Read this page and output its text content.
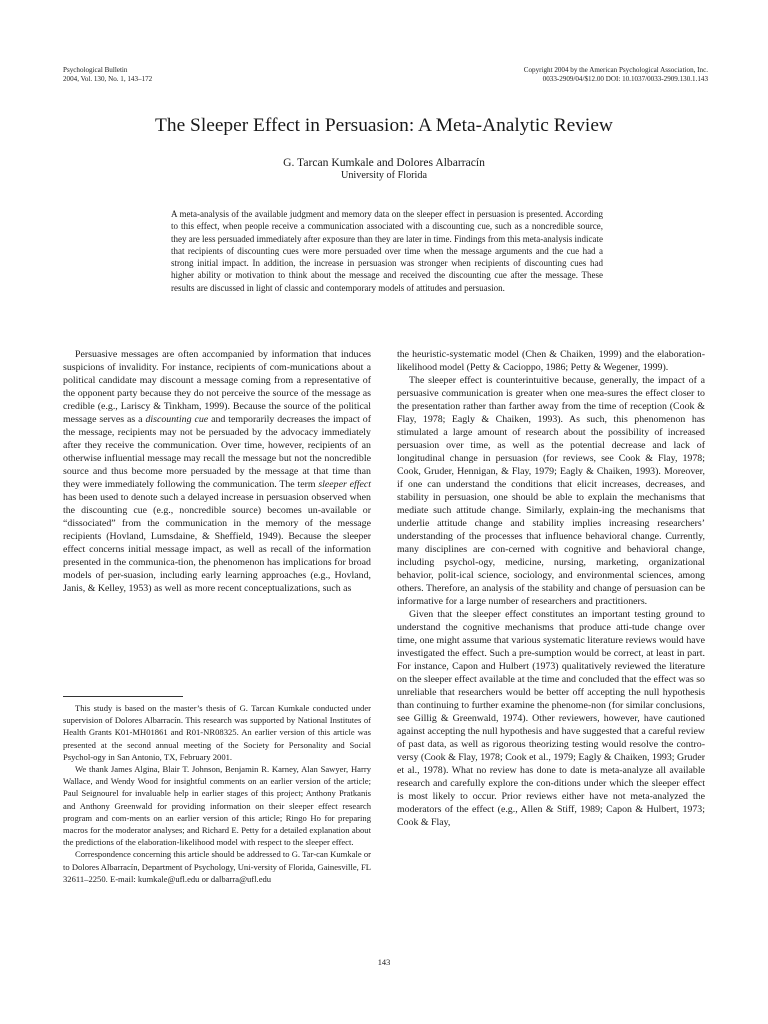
Psychological Bulletin
2004, Vol. 130, No. 1, 143–172
Copyright 2004 by the American Psychological Association, Inc.
0033-2909/04/$12.00 DOI: 10.1037/0033-2909.130.1.143
The Sleeper Effect in Persuasion: A Meta-Analytic Review
G. Tarcan Kumkale and Dolores Albarracín
University of Florida
A meta-analysis of the available judgment and memory data on the sleeper effect in persuasion is presented. According to this effect, when people receive a communication associated with a discounting cue, such as a noncredible source, they are less persuaded immediately after exposure than they are later in time. Findings from this meta-analysis indicate that recipients of discounting cues were more persuaded over time when the message arguments and the cue had a strong initial impact. In addition, the increase in persuasion was stronger when recipients of discounting cues had higher ability or motivation to think about the message and received the discounting cue after the message. These results are discussed in light of classic and contemporary models of attitudes and persuasion.

Persuasive messages are often accompanied by information that induces suspicions of invalidity. For instance, recipients of com-munications about a political candidate may discount a message coming from a representative of the opponent party because they do not perceive the source of the message as credible (e.g., Lariscy & Tinkham, 1999). Because the source of the political message serves as a discounting cue and temporarily decreases the impact of the message, recipients may not be persuaded by the advocacy immediately after they receive the communication. Over time, however, recipients of an otherwise influential message may recall the message but not the noncredible source and thus become more persuaded by the message at that time than they were immediately following the communication. The term sleeper effect has been used to denote such a delayed increase in persuasion observed when the discounting cue (e.g., noncredible source) becomes un-available or “dissociated” from the communication in the memory of the message recipients (Hovland, Lumsdaine, & Sheffield, 1949). Because the sleeper effect concerns initial message impact, as well as recall of the information presented in the communica-tion, the phenomenon has implications for broad models of per-suasion, including early learning approaches (e.g., Hovland, Janis, & Kelley, 1953) as well as more recent conceptualizations, such as

This study is based on the master’s thesis of G. Tarcan Kumkale conducted under supervision of Dolores Albarracín. This research was supported by National Institutes of Health Grants K01-MH01861 and R01-NR08325. An earlier version of this article was presented at the second annual meeting of the Society for Personality and Social Psychol-ogy in San Antonio, TX, February 2001.

We thank James Algina, Blair T. Johnson, Benjamin R. Karney, Alan Sawyer, Harry Wallace, and Wendy Wood for insightful comments on an earlier version of the article; Paul Seignourel for invaluable help in earlier stages of this project; Anthony Pratkanis and Anthony Greenwald for providing information on their sleeper effect research program and com-ments on an earlier version of this article; Ringo Ho for preparing macros for the moderator analyses; and Richard E. Petty for a detailed explanation about the predictions of the elaboration-likelihood model with respect to the sleeper effect.

Correspondence concerning this article should be addressed to G. Tar-can Kumkale or to Dolores Albarracín, Department of Psychology, Uni-versity of Florida, Gainesville, FL 32611–2250. E-mail: kumkale@ufl.edu or dalbarra@ufl.edu

the heuristic-systematic model (Chen & Chaiken, 1999) and the elaboration-likelihood model (Petty & Cacioppo, 1986; Petty & Wegener, 1999).

The sleeper effect is counterintuitive because, generally, the impact of a persuasive communication is greater when one mea-sures the effect closer to the presentation rather than farther away from the time of reception (Cook & Flay, 1978; Eagly & Chaiken, 1993). As such, this phenomenon has stimulated a large amount of research about the possibility of increased persuasion over time, as well as the potential decrease and lack of longitudinal change in persuasion (for reviews, see Cook & Flay, 1978; Cook, Gruder, Hennigan, & Flay, 1979; Eagly & Chaiken, 1993). Moreover, if one can understand the conditions that elicit increases, decreases, and stability in persuasion, one should be able to explain the mechanisms that mediate such attitude change. Similarly, explain-ing the mechanisms that underlie attitude change and stability implies increasing researchers’ understanding of the processes that influence behavioral change. Currently, many disciplines are con-cerned with cognitive and behavioral change, including psychol-ogy, medicine, nursing, marketing, organizational behavior, polit-ical science, sociology, and environmental sciences, among others. Therefore, an analysis of the stability and change of persuasion can be informative for a large number of researchers and practitioners.

Given that the sleeper effect constitutes an important testing ground to understand the cognitive mechanisms that produce atti-tude change over time, one might assume that various systematic literature reviews would have investigated the effect. Such a pre-sumption would be correct, at least in part. For instance, Capon and Hulbert (1973) qualitatively reviewed the literature on the sleeper effect available at the time and concluded that the effect was so unreliable that researchers would be better off accepting the null hypothesis than continuing to further examine the phenome-non (for similar conclusions, see Gillig & Greenwald, 1974). Other reviewers, however, have cautioned against accepting the null hypothesis and have suggested that a careful review of past data, as well as rigorous theorizing testing would resolve the contro-versy (Cook & Flay, 1978; Cook et al., 1979; Eagly & Chaiken, 1993; Gruder et al., 1978). What no review has done to date is meta-analyze all available research and carefully explore the con-ditions under which the sleeper effect is most likely to occur. Prior reviews either have not meta-analyzed the moderators of the effect (e.g., Allen & Stiff, 1989; Capon & Hulbert, 1973; Cook & Flay,

143
